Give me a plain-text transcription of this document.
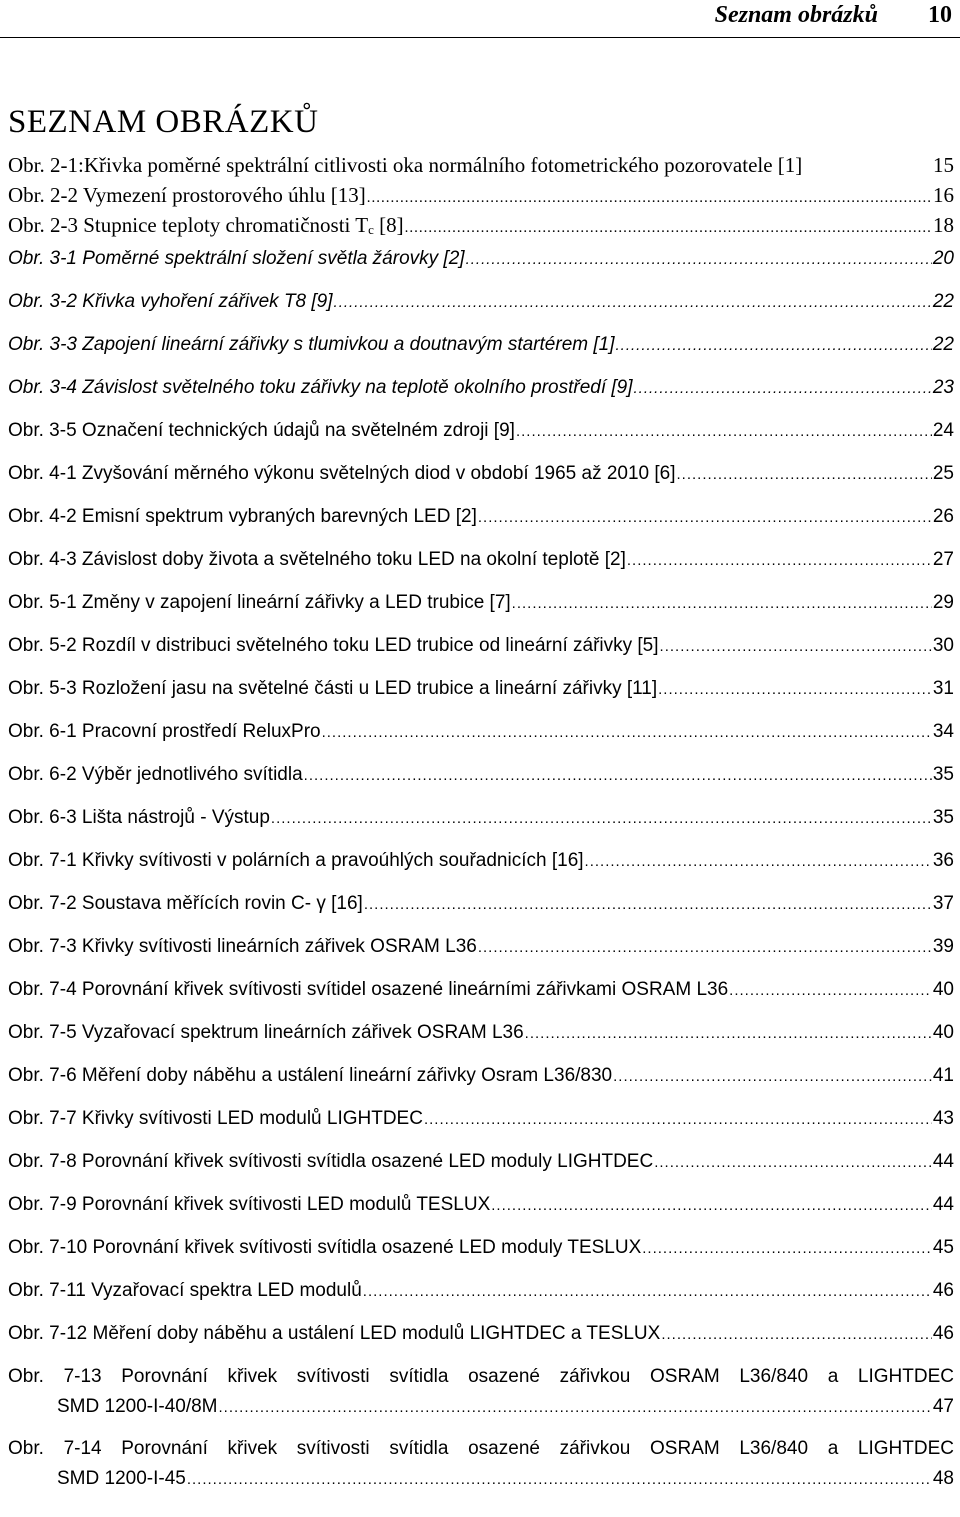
Seznam obrázků 10
SEZNAM OBRÁZKŮ
Obr. 2-1:Křivka poměrné spektrální citlivosti oka normálního fotometrického pozorovatele [1]	15
Obr. 2-2 Vymezení prostorového úhlu [13] .....	16
Obr. 2-3 Stupnice teploty chromatičnosti Tc [8] .....	18
Obr. 3-1 Poměrné spektrální složení světla žárovky [2] .....	20
Obr. 3-2 Křivka vyhoření zářivek T8 [9] .....	22
Obr. 3-3 Zapojení lineární zářivky s tlumivkou a doutnavým startérem [1] .....	22
Obr. 3-4 Závislost světelného toku zářivky na teplotě okolního prostředí [9] .....	23
Obr. 3-5 Označení technických údajů na světelném zdroji [9] .....	24
Obr. 4-1 Zvyšování měrného výkonu světelných diod v období 1965 až 2010 [6] .....	25
Obr. 4-2 Emisní spektrum vybraných barevných LED [2] .....	26
Obr. 4-3 Závislost doby života a světelného toku LED na okolní teplotě [2] .....	27
Obr. 5-1 Změny v zapojení lineární zářivky a LED trubice [7] .....	29
Obr. 5-2 Rozdíl v distribuci světelného toku LED trubice od lineární zářivky [5] .....	30
Obr. 5-3 Rozložení jasu na světelné části u LED trubice a lineární zářivky [11] .....	31
Obr. 6-1 Pracovní prostředí ReluxPro .....	34
Obr. 6-2 Výběr jednotlivého svítidla .....	35
Obr. 6-3 Lišta nástrojů - Výstup .....	35
Obr. 7-1 Křivky svítivosti v polárních a pravoúhlých souřadnicích [16] .....	36
Obr. 7-2 Soustava měřících rovin C- γ [16] .....	37
Obr. 7-3 Křivky svítivosti lineárních zářivek OSRAM L36 .....	39
Obr. 7-4 Porovnání křivek svítivosti svítidel osazené lineárními zářivkami OSRAM L36 .....	40
Obr. 7-5 Vyzařovací spektrum lineárních zářivek OSRAM L36 .....	40
Obr. 7-6 Měření doby náběhu a ustálení lineární zářivky Osram L36/830 .....	41
Obr. 7-7 Křivky svítivosti LED modulů LIGHTDEC .....	43
Obr. 7-8 Porovnání křivek svítivosti svítidla osazené LED moduly LIGHTDEC .....	44
Obr. 7-9 Porovnání křivek svítivosti LED modulů TESLUX .....	44
Obr. 7-10 Porovnání křivek svítivosti svítidla osazené LED moduly TESLUX .....	45
Obr. 7-11 Vyzařovací spektra LED modulů .....	46
Obr. 7-12 Měření doby náběhu a ustálení LED modulů LIGHTDEC a TESLUX .....	46
Obr. 7-13 Porovnání křivek svítivosti svítidla osazené zářivkou OSRAM L36/840 a LIGHTDEC
SMD 1200-I-40/8M .....	47
Obr. 7-14 Porovnání křivek svítivosti svítidla osazené zářivkou OSRAM L36/840 a LIGHTDEC
SMD 1200-I-45 .....	48
